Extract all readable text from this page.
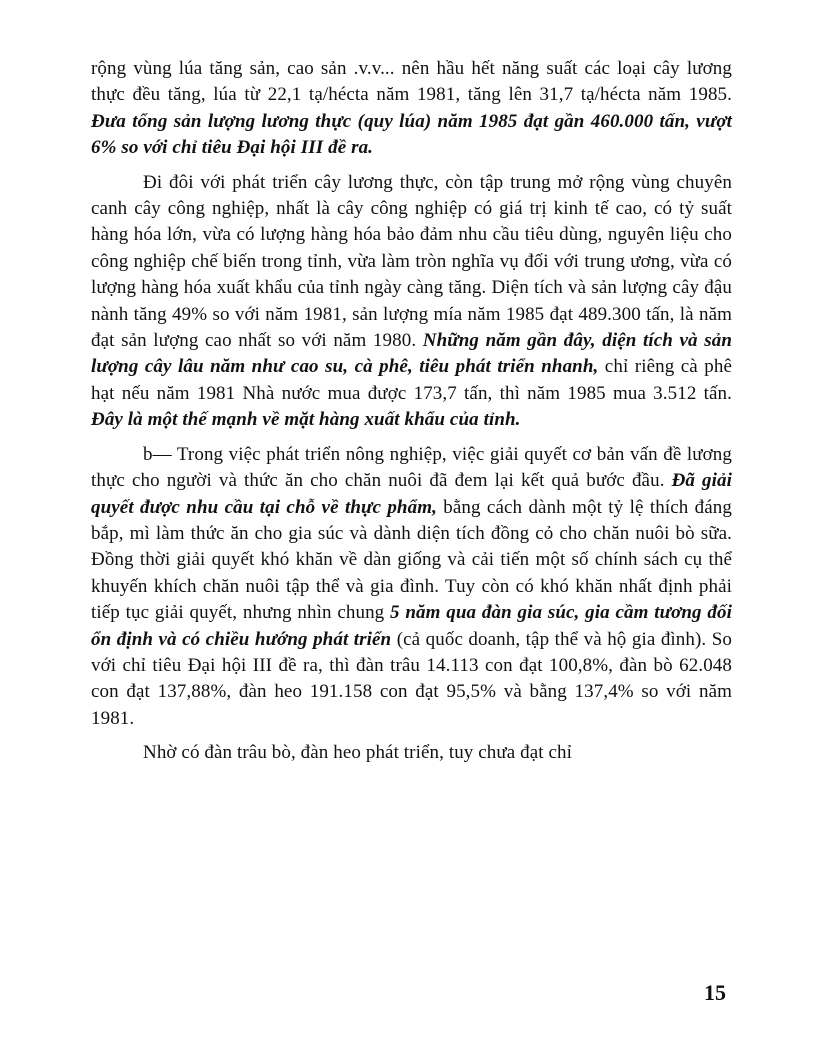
rộng vùng lúa tăng sản, cao sản .v.v... nên hầu hết năng suất các loại cây lương thực đều tăng, lúa từ 22,1 tạ/hécta năm 1981, tăng lên 31,7 tạ/hécta năm 1985. Đưa tổng sản lượng lương thực (quy lúa) năm 1985 đạt gần 460.000 tấn, vượt 6% so với chỉ tiêu Đại hội III đề ra.

Đi đôi với phát triển cây lương thực, còn tập trung mở rộng vùng chuyên canh cây công nghiệp, nhất là cây công nghiệp có giá trị kinh tế cao, có tỷ suất hàng hóa lớn, vừa có lượng hàng hóa bảo đảm nhu cầu tiêu dùng, nguyên liệu cho công nghiệp chế biến trong tỉnh, vừa làm tròn nghĩa vụ đối với trung ương, vừa có lượng hàng hóa xuất khẩu của tỉnh ngày càng tăng. Diện tích và sản lượng cây đậu nành tăng 49% so với năm 1981, sản lượng mía năm 1985 đạt 489.300 tấn, là năm đạt sản lượng cao nhất so với năm 1980. Những năm gần đây, diện tích và sản lượng cây lâu năm như cao su, cà phê, tiêu phát triển nhanh, chỉ riêng cà phê hạt nếu năm 1981 Nhà nước mua được 173,7 tấn, thì năm 1985 mua 3.512 tấn. Đây là một thế mạnh về mặt hàng xuất khẩu của tỉnh.

b— Trong việc phát triển nông nghiệp, việc giải quyết cơ bản vấn đề lương thực cho người và thức ăn cho chăn nuôi đã đem lại kết quả bước đầu. Đã giải quyết được nhu cầu tại chỗ về thực phẩm, bằng cách dành một tỷ lệ thích đáng bắp, mì làm thức ăn cho gia súc và dành diện tích đồng cỏ cho chăn nuôi bò sữa. Đồng thời giải quyết khó khăn về dàn giống và cải tiến một số chính sách cụ thể khuyến khích chăn nuôi tập thể và gia đình. Tuy còn có khó khăn nhất định phải tiếp tục giải quyết, nhưng nhìn chung 5 năm qua đàn gia súc, gia cầm tương đối ổn định và có chiều hướng phát triển (cả quốc doanh, tập thể và hộ gia đình). So với chỉ tiêu Đại hội III đề ra, thì đàn trâu 14.113 con đạt 100,8%, đàn bò 62.048 con đạt 137,88%, đàn heo 191.158 con đạt 95,5% và bằng 137,4% so với năm 1981.

Nhờ có đàn trâu bò, đàn heo phát triển, tuy chưa đạt chỉ

15
